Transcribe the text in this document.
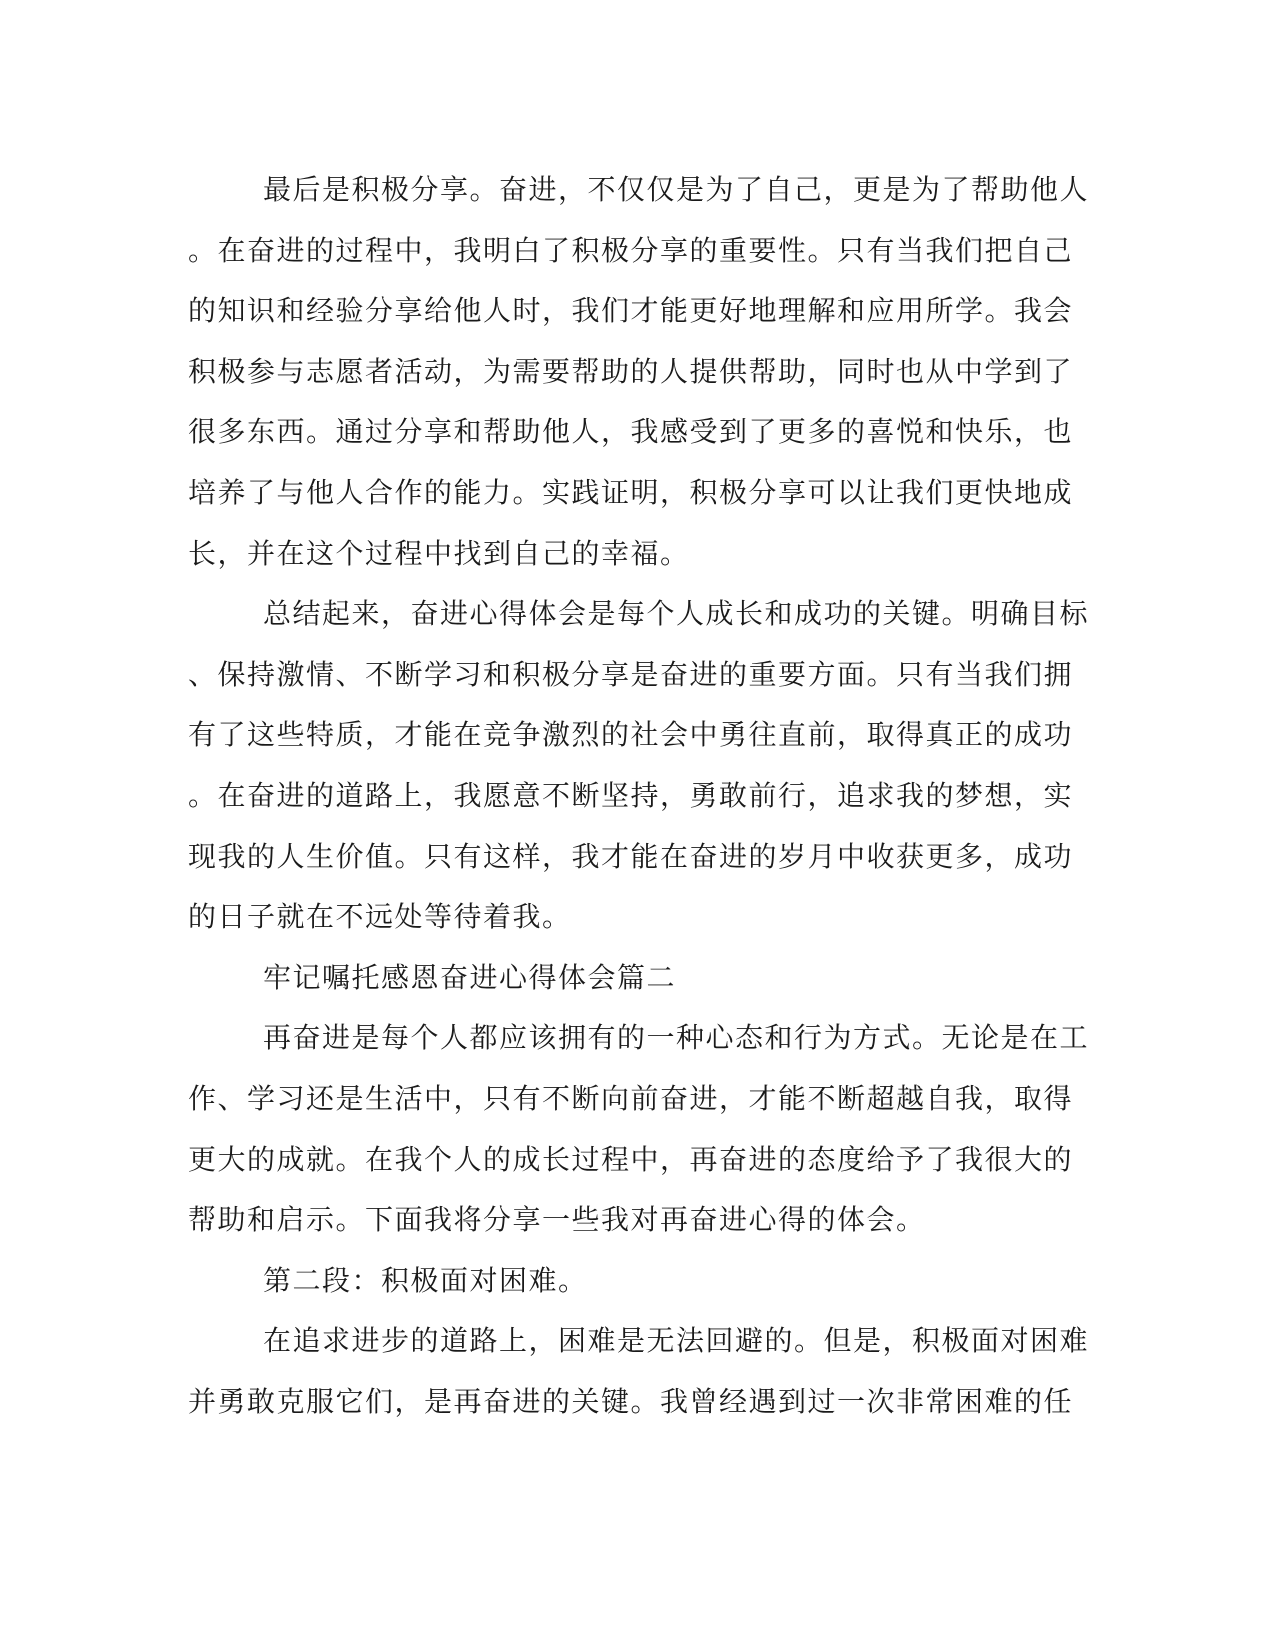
最后是积极分享。奋进，不仅仅是为了自己，更是为了帮助他人
。在奋进的过程中，我明白了积极分享的重要性。只有当我们把自己
的知识和经验分享给他人时，我们才能更好地理解和应用所学。我会
积极参与志愿者活动，为需要帮助的人提供帮助，同时也从中学到了
很多东西。通过分享和帮助他人，我感受到了更多的喜悦和快乐，也
培养了与他人合作的能力。实践证明，积极分享可以让我们更快地成
长，并在这个过程中找到自己的幸福。
总结起来，奋进心得体会是每个人成长和成功的关键。明确目标
、保持激情、不断学习和积极分享是奋进的重要方面。只有当我们拥
有了这些特质，才能在竞争激烈的社会中勇往直前，取得真正的成功
。在奋进的道路上，我愿意不断坚持，勇敢前行，追求我的梦想，实
现我的人生价值。只有这样，我才能在奋进的岁月中收获更多，成功
的日子就在不远处等待着我。
牢记嘱托感恩奋进心得体会篇二
再奋进是每个人都应该拥有的一种心态和行为方式。无论是在工
作、学习还是生活中，只有不断向前奋进，才能不断超越自我，取得
更大的成就。在我个人的成长过程中，再奋进的态度给予了我很大的
帮助和启示。下面我将分享一些我对再奋进心得的体会。
第二段：积极面对困难。
在追求进步的道路上，困难是无法回避的。但是，积极面对困难
并勇敢克服它们，是再奋进的关键。我曾经遇到过一次非常困难的任
